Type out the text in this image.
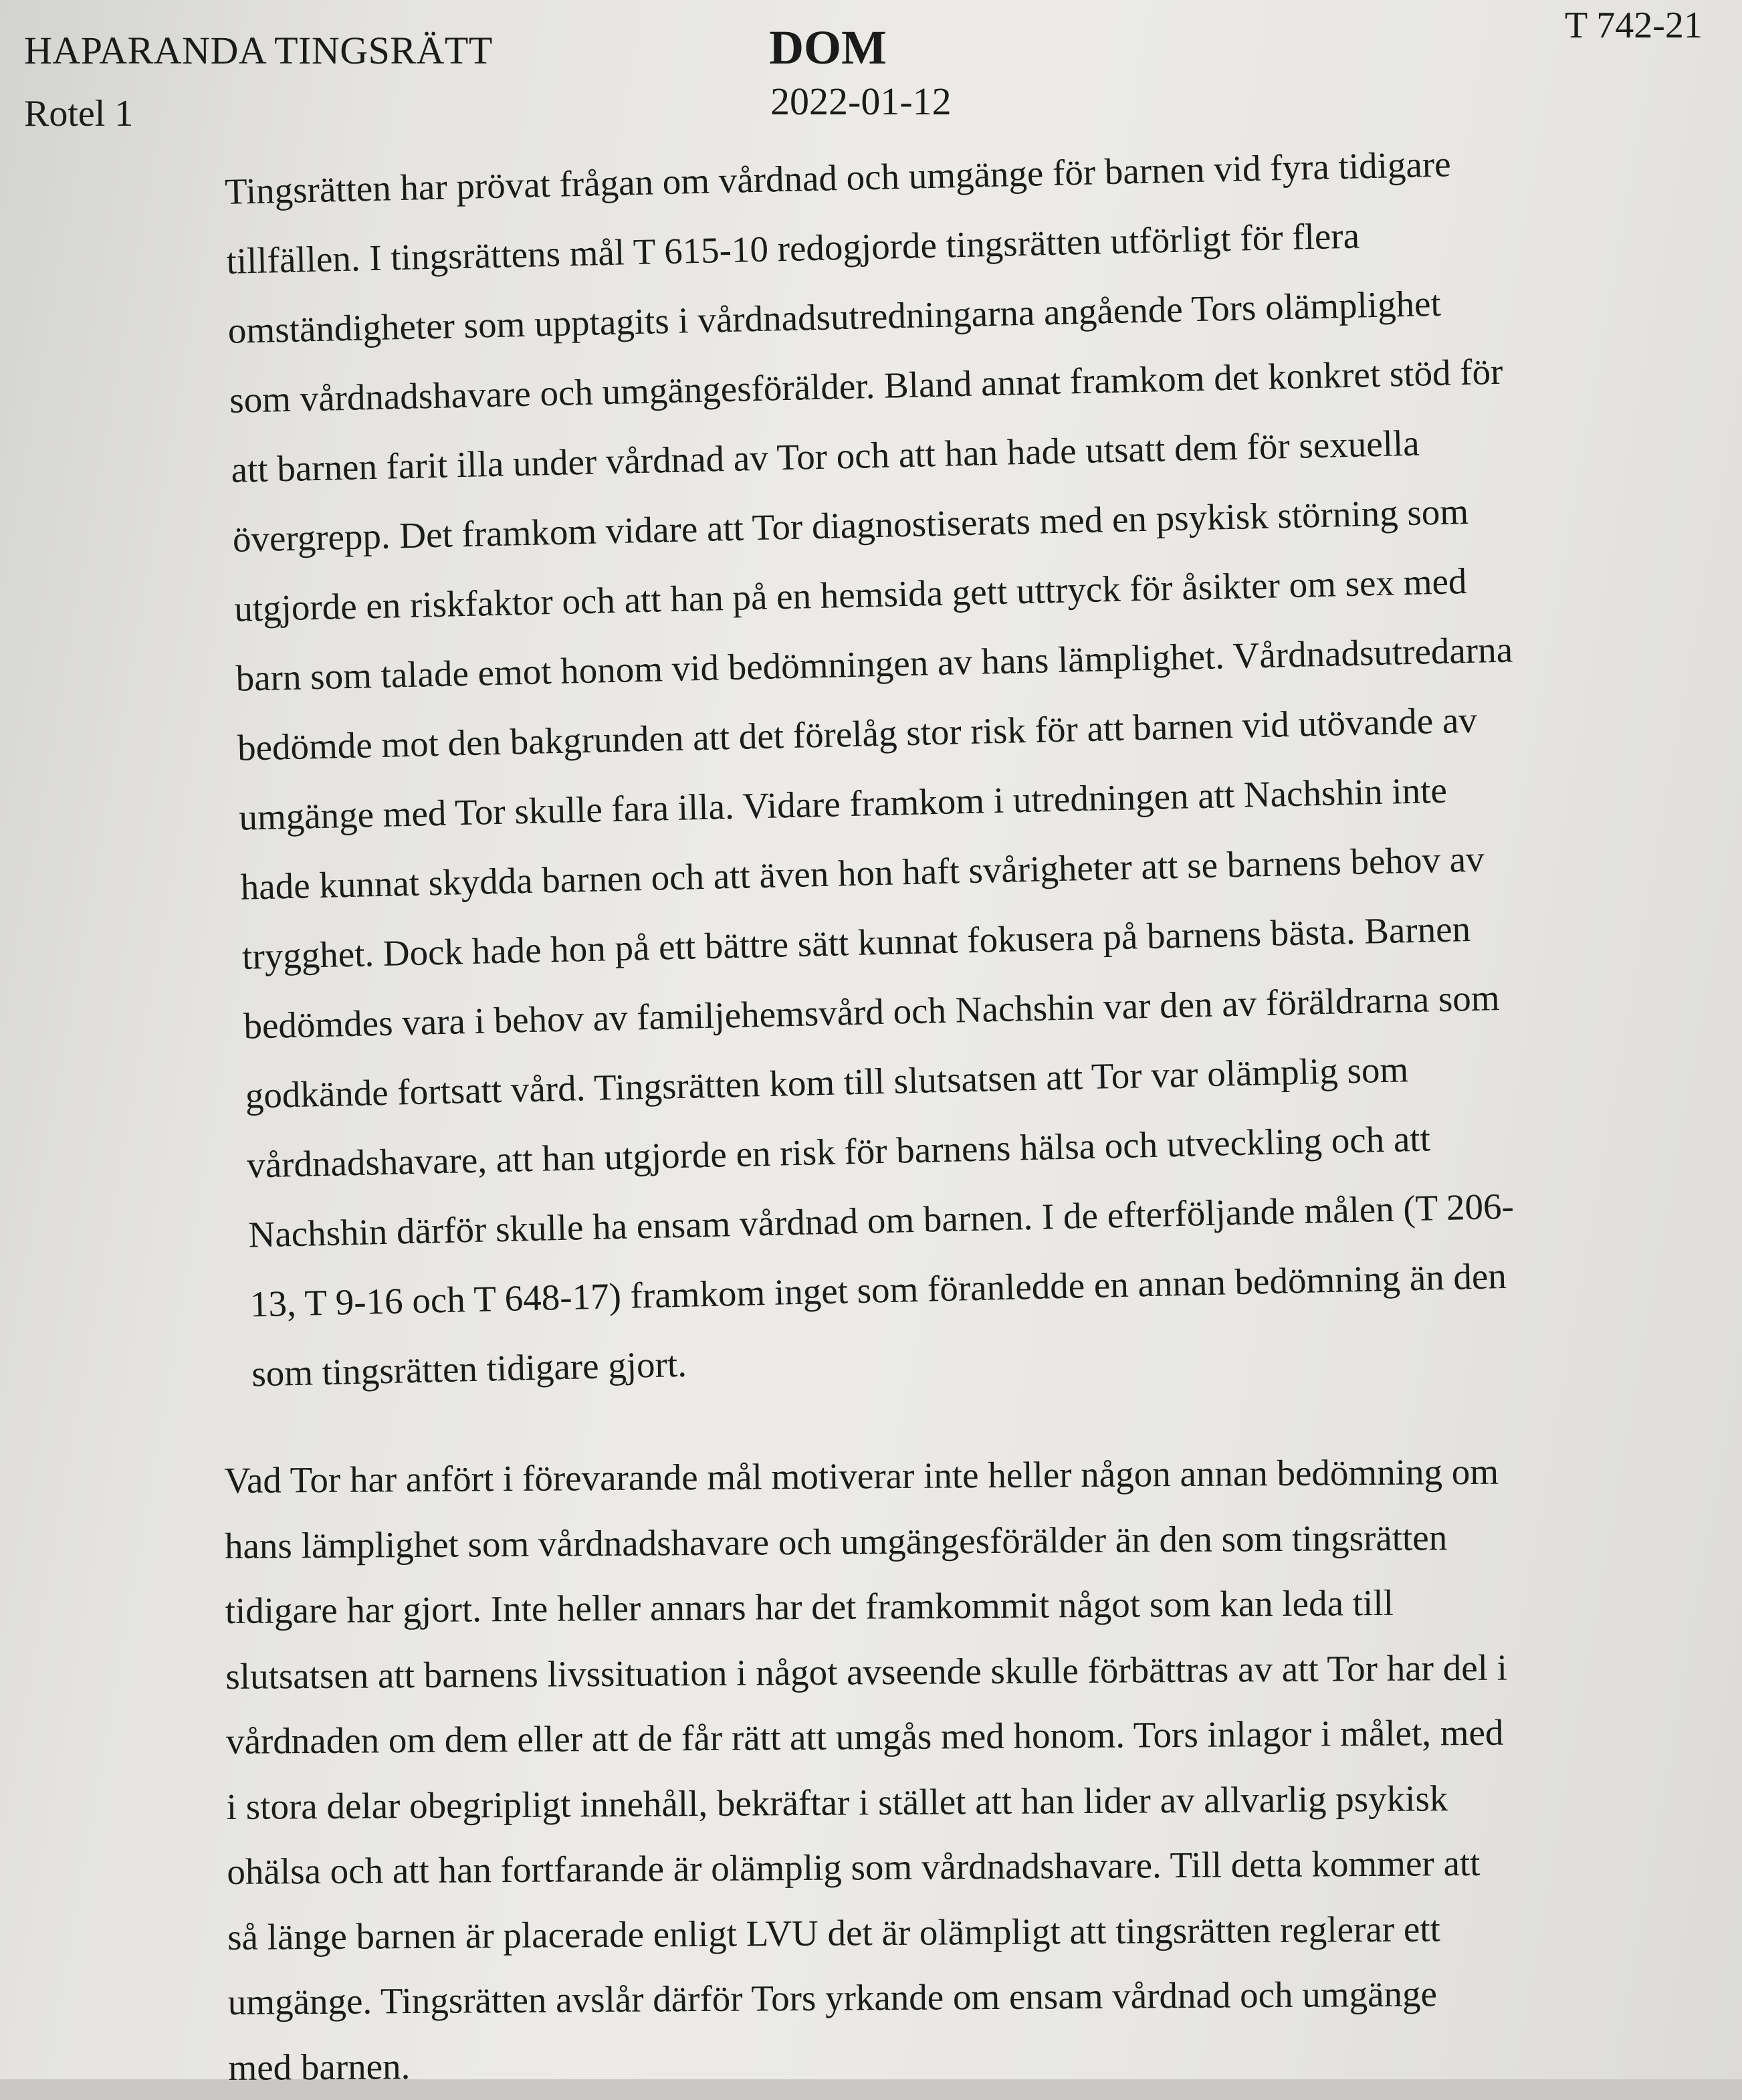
HAPARANDA TINGSRÄTT
Rotel 1
DOM
2022-01-12
T 742-21
Tingsrätten har prövat frågan om vårdnad och umgänge för barnen vid fyra tidigare
tillfällen. I tingsrättens mål T 615-10 redogjorde tingsrätten utförligt för flera
omständigheter som upptagits i vårdnadsutredningarna angående Tors olämplighet
som vårdnadshavare och umgängesförälder. Bland annat framkom det konkret stöd för
att barnen farit illa under vårdnad av Tor och att han hade utsatt dem för sexuella
övergrepp. Det framkom vidare att Tor diagnostiserats med en psykisk störning som
utgjorde en riskfaktor och att han på en hemsida gett uttryck för åsikter om sex med
barn som talade emot honom vid bedömningen av hans lämplighet. Vårdnadsutredarna
bedömde mot den bakgrunden att det förelåg stor risk för att barnen vid utövande av
umgänge med Tor skulle fara illa. Vidare framkom i utredningen att Nachshin inte
hade kunnat skydda barnen och att även hon haft svårigheter att se barnens behov av
trygghet. Dock hade hon på ett bättre sätt kunnat fokusera på barnens bästa. Barnen
bedömdes vara i behov av familjehemsvård och Nachshin var den av föräldrarna som
godkände fortsatt vård. Tingsrätten kom till slutsatsen att Tor var olämplig som
vårdnadshavare, att han utgjorde en risk för barnens hälsa och utveckling och att
Nachshin därför skulle ha ensam vårdnad om barnen. I de efterföljande målen (T 206-
13, T 9-16 och T 648-17) framkom inget som föranledde en annan bedömning än den
som tingsrätten tidigare gjort.
Vad Tor har anfört i förevarande mål motiverar inte heller någon annan bedömning om
hans lämplighet som vårdnadshavare och umgängesförälder än den som tingsrätten
tidigare har gjort. Inte heller annars har det framkommit något som kan leda till
slutsatsen att barnens livssituation i något avseende skulle förbättras av att Tor har del i
vårdnaden om dem eller att de får rätt att umgås med honom. Tors inlagor i målet, med
i stora delar obegripligt innehåll, bekräftar i stället att han lider av allvarlig psykisk
ohälsa och att han fortfarande är olämplig som vårdnadshavare. Till detta kommer att
så länge barnen är placerade enligt LVU det är olämpligt att tingsrätten reglerar ett
umgänge. Tingsrätten avslår därför Tors yrkande om ensam vårdnad och umgänge
med barnen.
